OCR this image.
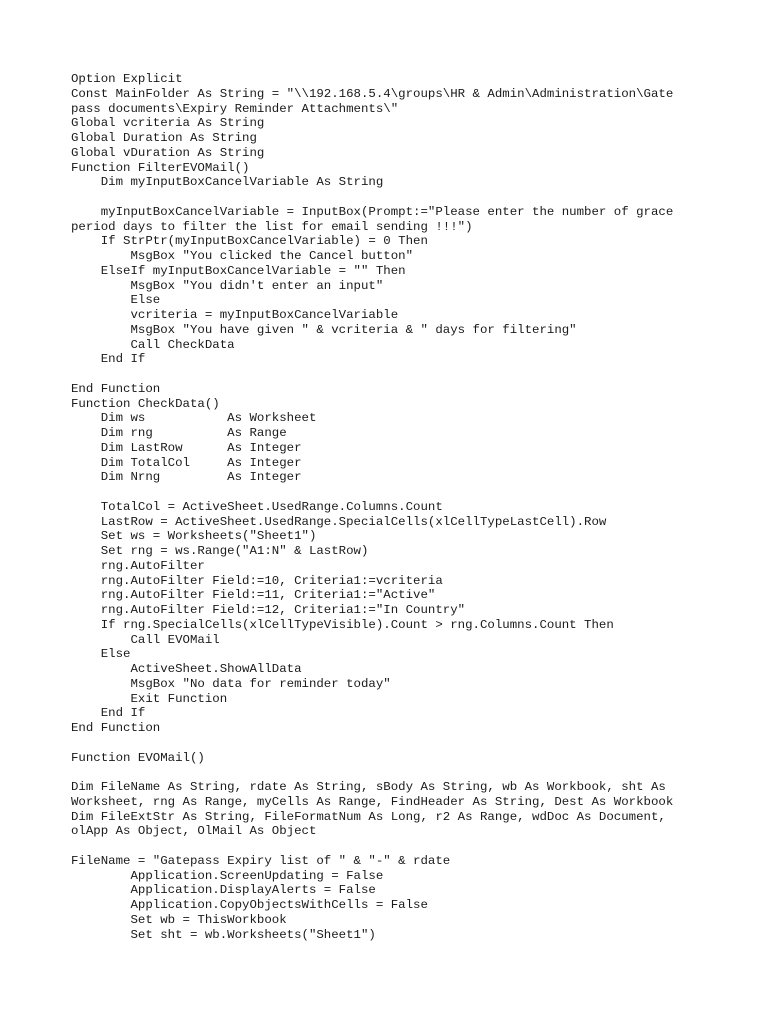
Option Explicit
Const MainFolder As String = "\\192.168.5.4\groups\HR & Admin\Administration\Gate
pass documents\Expiry Reminder Attachments\"
Global vcriteria As String
Global Duration As String
Global vDuration As String
Function FilterEVOMail()
Dim myInputBoxCancelVariable As String
myInputBoxCancelVariable = InputBox(Prompt:="Please enter the number of grace
period days to filter the list for email sending !!!")
If StrPtr(myInputBoxCancelVariable) = 0 Then
MsgBox "You clicked the Cancel button"
ElseIf myInputBoxCancelVariable = "" Then
MsgBox "You didn't enter an input"
Else
vcriteria = myInputBoxCancelVariable
MsgBox "You have given " & vcriteria & " days for filtering"
Call CheckData
End If
End Function
Function CheckData()
Dim ws           As Worksheet
Dim rng          As Range
Dim LastRow      As Integer
Dim TotalCol     As Integer
Dim Nrng         As Integer
TotalCol = ActiveSheet.UsedRange.Columns.Count
LastRow = ActiveSheet.UsedRange.SpecialCells(xlCellTypeLastCell).Row
Set ws = Worksheets("Sheet1")
Set rng = ws.Range("A1:N" & LastRow)
rng.AutoFilter
rng.AutoFilter Field:=10, Criteria1:=vcriteria
rng.AutoFilter Field:=11, Criteria1:="Active"
rng.AutoFilter Field:=12, Criteria1:="In Country"
If rng.SpecialCells(xlCellTypeVisible).Count > rng.Columns.Count Then
Call EVOMail
Else
ActiveSheet.ShowAllData
MsgBox "No data for reminder today"
Exit Function
End If
End Function
Function EVOMail()
Dim FileName As String, rdate As String, sBody As String, wb As Workbook, sht As
Worksheet, rng As Range, myCells As Range, FindHeader As String, Dest As Workbook
Dim FileExtStr As String, FileFormatNum As Long, r2 As Range, wdDoc As Document,
olApp As Object, OlMail As Object
FileName = "Gatepass Expiry list of " & "-" & rdate
Application.ScreenUpdating = False
Application.DisplayAlerts = False
Application.CopyObjectsWithCells = False
Set wb = ThisWorkbook
Set sht = wb.Worksheets("Sheet1")
